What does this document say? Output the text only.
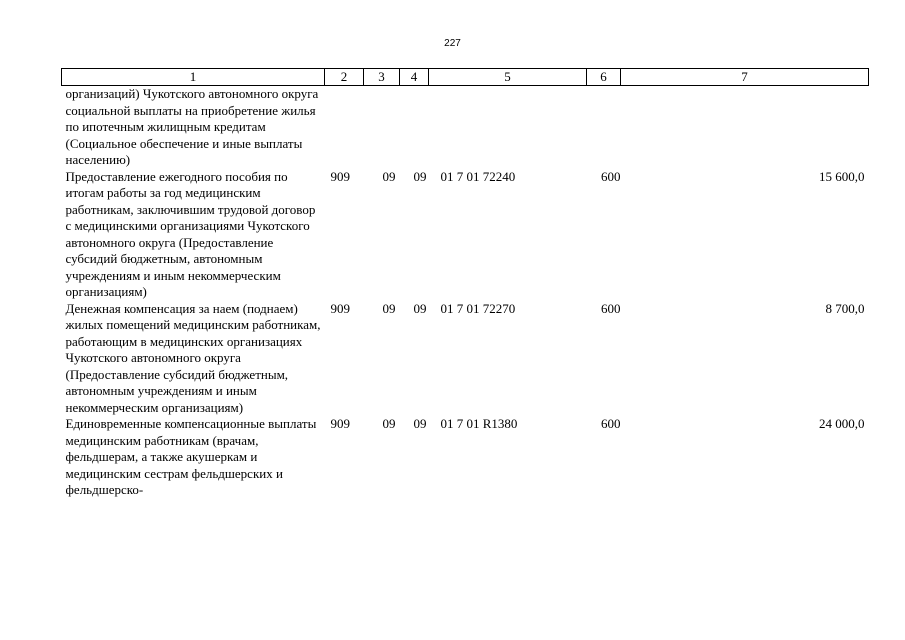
227
1	2	3	4	5	6	7
организаций) Чукотского автономного округа социальной выплаты на приобретение жилья по ипотечным жилищным кредитам (Социальное обеспечение и иные выплаты населению)						
Предоставление ежегодного пособия по итогам работы за год медицинским работникам, заключившим трудовой договор с медицинскими организациями Чукотского автономного округа (Предоставление субсидий бюджетным, автономным учреждениям и иным некоммерческим организациям)	909	09	09	01 7 01 72240	600	15 600,0
Денежная компенсация за наем (поднаем) жилых помещений медицинским работникам, работающим в медицинских организациях Чукотского автономного округа (Предоставление субсидий бюджетным, автономным учреждениям и иным некоммерческим организациям)	909	09	09	01 7 01 72270	600	8 700,0
Единовременные компенсационные выплаты медицинским работникам (врачам, фельдшерам, а также акушеркам и медицинским сестрам фельдшерских и фельдшерско-	909	09	09	01 7 01 R1380	600	24 000,0
